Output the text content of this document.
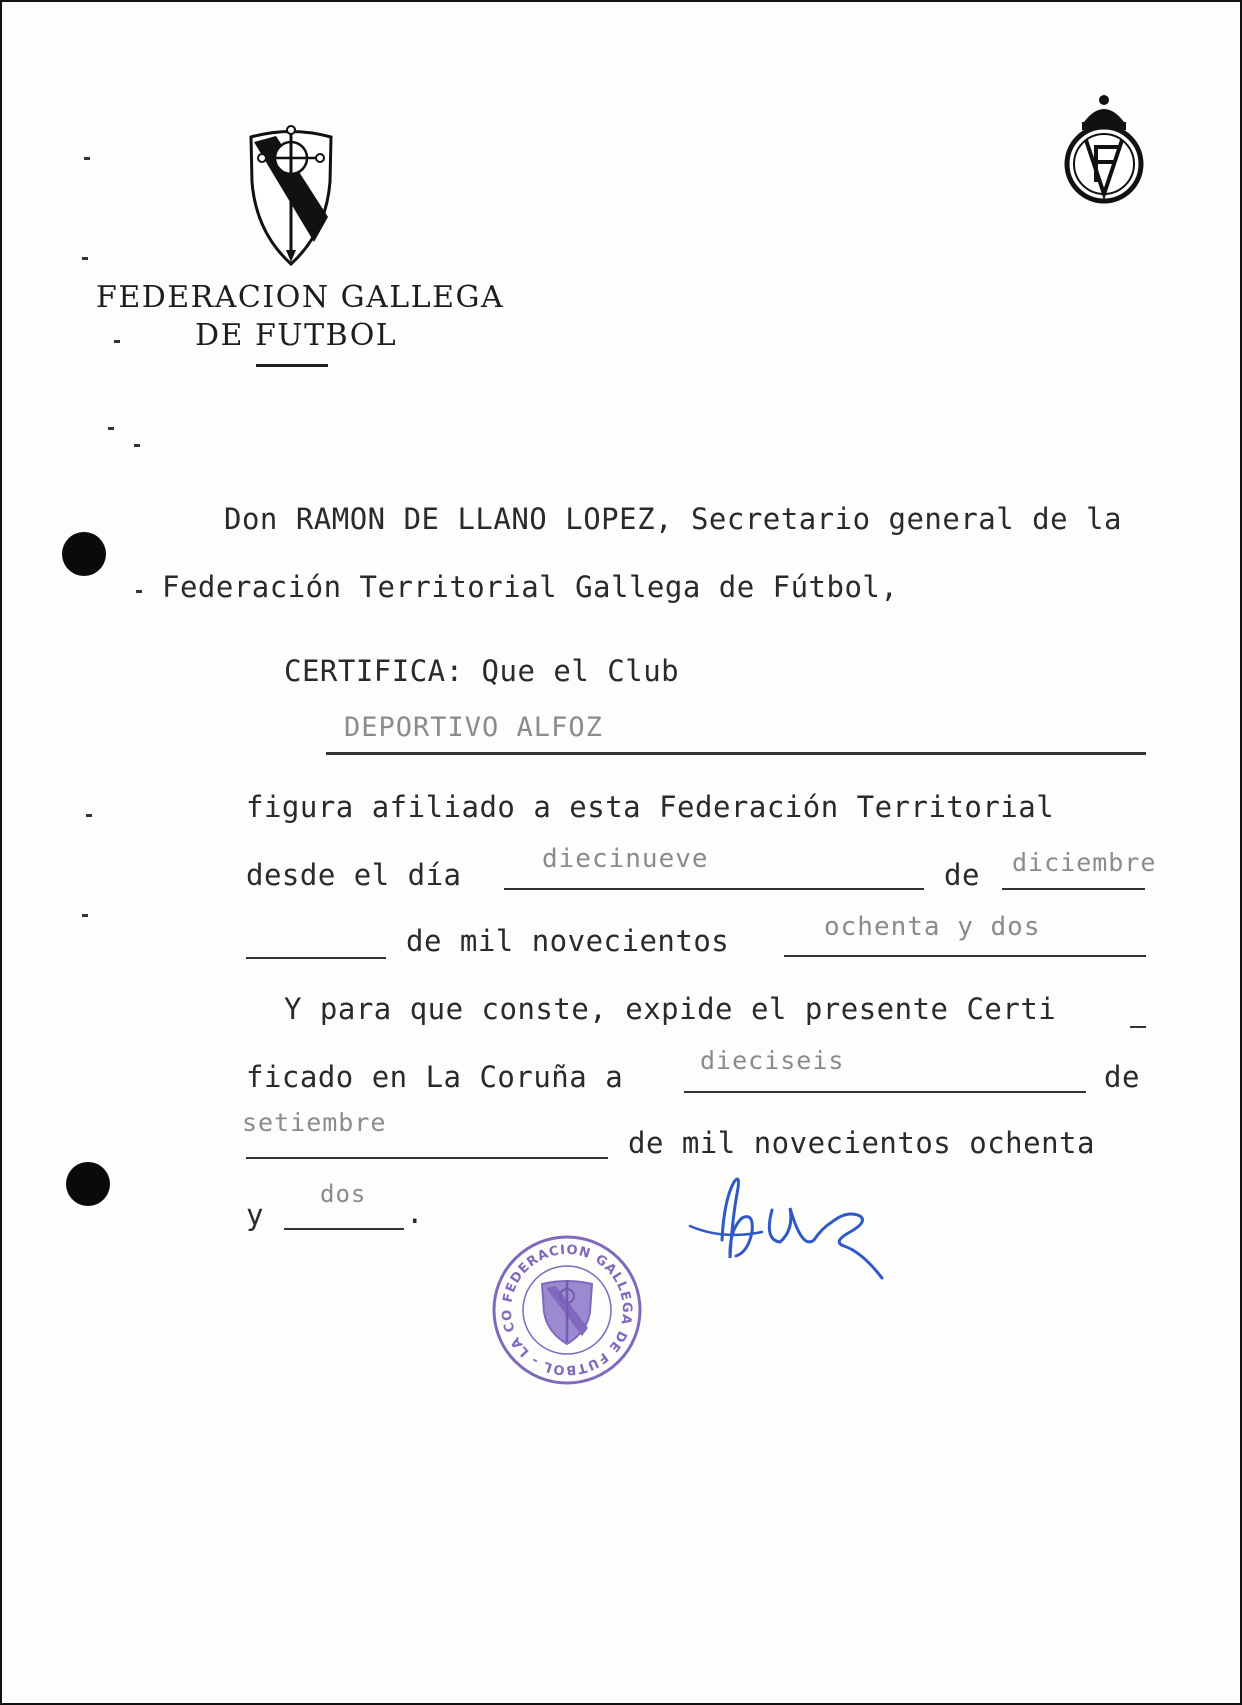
FEDERACION GALLEGA
DE FUTBOL
Don RAMON DE LLANO LOPEZ, Secretario general de la
Federación Territorial Gallega de Fútbol,
CERTIFICA: Que el Club
DEPORTIVO ALFOZ
figura afiliado a esta Federación Territorial
desde el día	diecinueve	de diciembre
de mil novecientos	ochenta y dos
Y para que conste, expide el presente Certi
ficado en La Coruña a	dieciseis	de
setiembre
de mil novecientos ochenta
y
dos
.
FEDERACION GALLEGA DE FUTBOL - LA CO
